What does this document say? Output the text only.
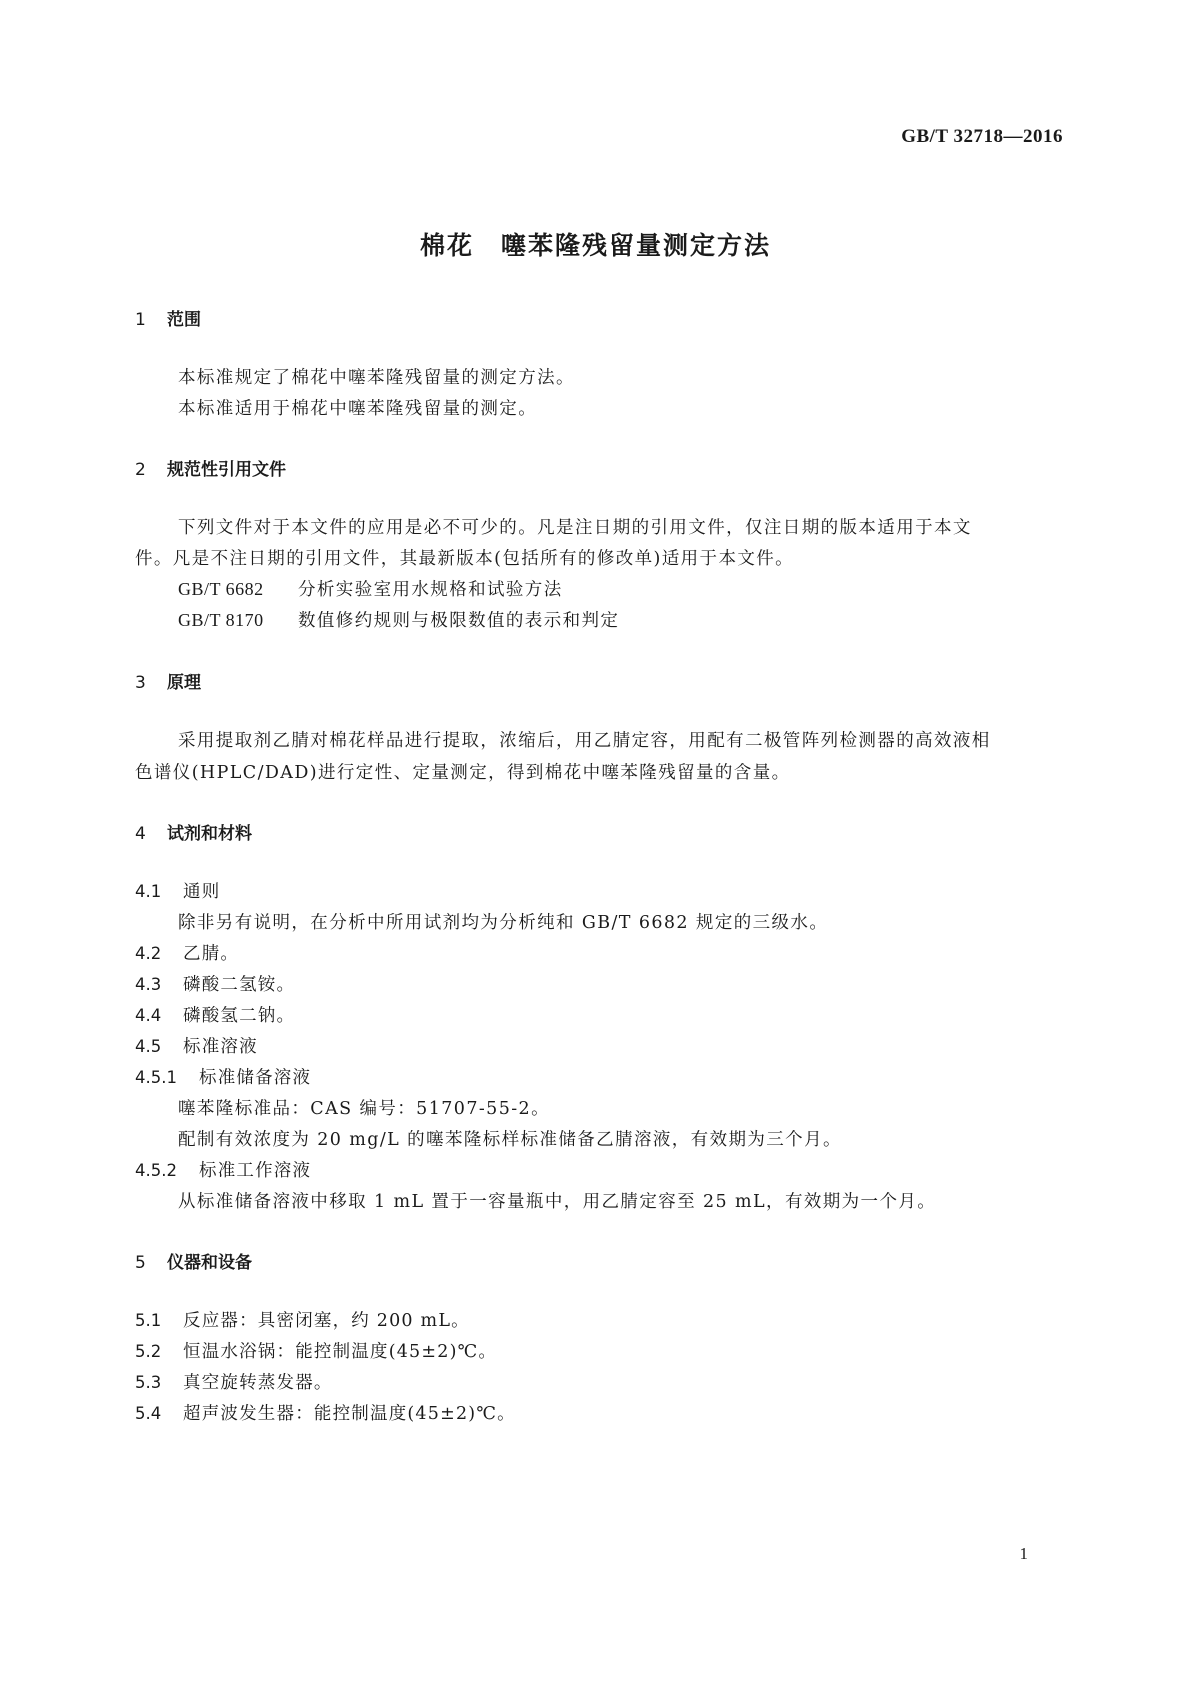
GB/T 32718—2016
棉花　噻苯隆残留量测定方法
1 范围
本标准规定了棉花中噻苯隆残留量的测定方法。
本标准适用于棉花中噻苯隆残留量的测定。
2 规范性引用文件
下列文件对于本文件的应用是必不可少的。凡是注日期的引用文件，仅注日期的版本适用于本文
件。凡是不注日期的引用文件，其最新版本(包括所有的修改单)适用于本文件。
GB/T 6682 分析实验室用水规格和试验方法
GB/T 8170 数值修约规则与极限数值的表示和判定
3 原理
采用提取剂乙腈对棉花样品进行提取，浓缩后，用乙腈定容，用配有二极管阵列检测器的高效液相
色谱仪(HPLC/DAD)进行定性、定量测定，得到棉花中噻苯隆残留量的含量。
4 试剂和材料
4.1 通则
除非另有说明，在分析中所用试剂均为分析纯和 GB/T 6682 规定的三级水。
4.2 乙腈。
4.3 磷酸二氢铵。
4.4 磷酸氢二钠。
4.5 标准溶液
4.5.1 标准储备溶液
噻苯隆标准品：CAS 编号：51707-55-2。
配制有效浓度为 20 mg/L 的噻苯隆标样标准储备乙腈溶液，有效期为三个月。
4.5.2 标准工作溶液
从标准储备溶液中移取 1 mL 置于一容量瓶中，用乙腈定容至 25 mL，有效期为一个月。
5 仪器和设备
5.1 反应器：具密闭塞，约 200 mL。
5.2 恒温水浴锅：能控制温度(45±2)℃。
5.3 真空旋转蒸发器。
5.4 超声波发生器：能控制温度(45±2)℃。
1
